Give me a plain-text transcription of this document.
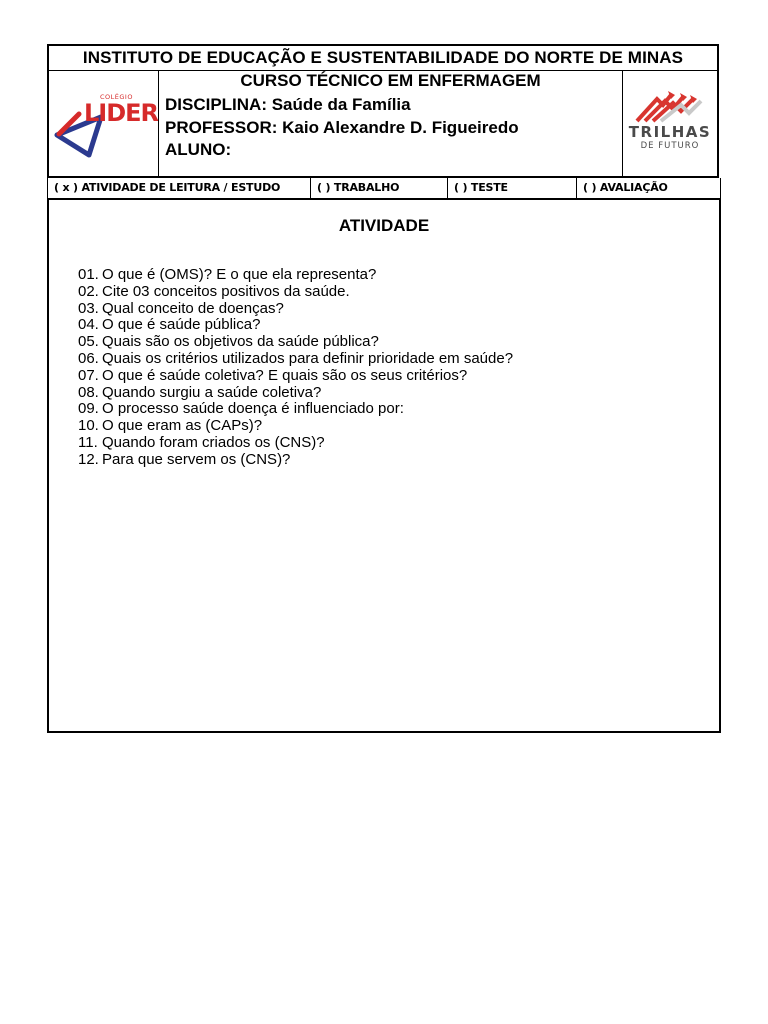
INSTITUTO DE EDUCAÇÃO E SUSTENTABILIDADE DO NORTE DE MINAS
COLÉGIO
LIDER
CURSO TÉCNICO EM ENFERMAGEM
DISCIPLINA: Saúde da Família
PROFESSOR: Kaio Alexandre D. Figueiredo
ALUNO:
TRILHAS
DE FUTURO
( x ) ATIVIDADE DE LEITURA / ESTUDO	( ) TRABALHO	( ) TESTE	( ) AVALIAÇÃO
ATIVIDADE
01. O que é (OMS)? E o que ela representa?
02. Cite 03 conceitos positivos da saúde.
03. Qual conceito de doenças?
04. O que é saúde pública?
05. Quais são os objetivos da saúde pública?
06. Quais os critérios utilizados para definir prioridade em saúde?
07. O que é saúde coletiva? E quais são os seus critérios?
08. Quando surgiu a saúde coletiva?
09. O processo saúde doença é influenciado por:
10. O que eram as (CAPs)?
11. Quando foram criados os (CNS)?
12. Para que servem os (CNS)?
